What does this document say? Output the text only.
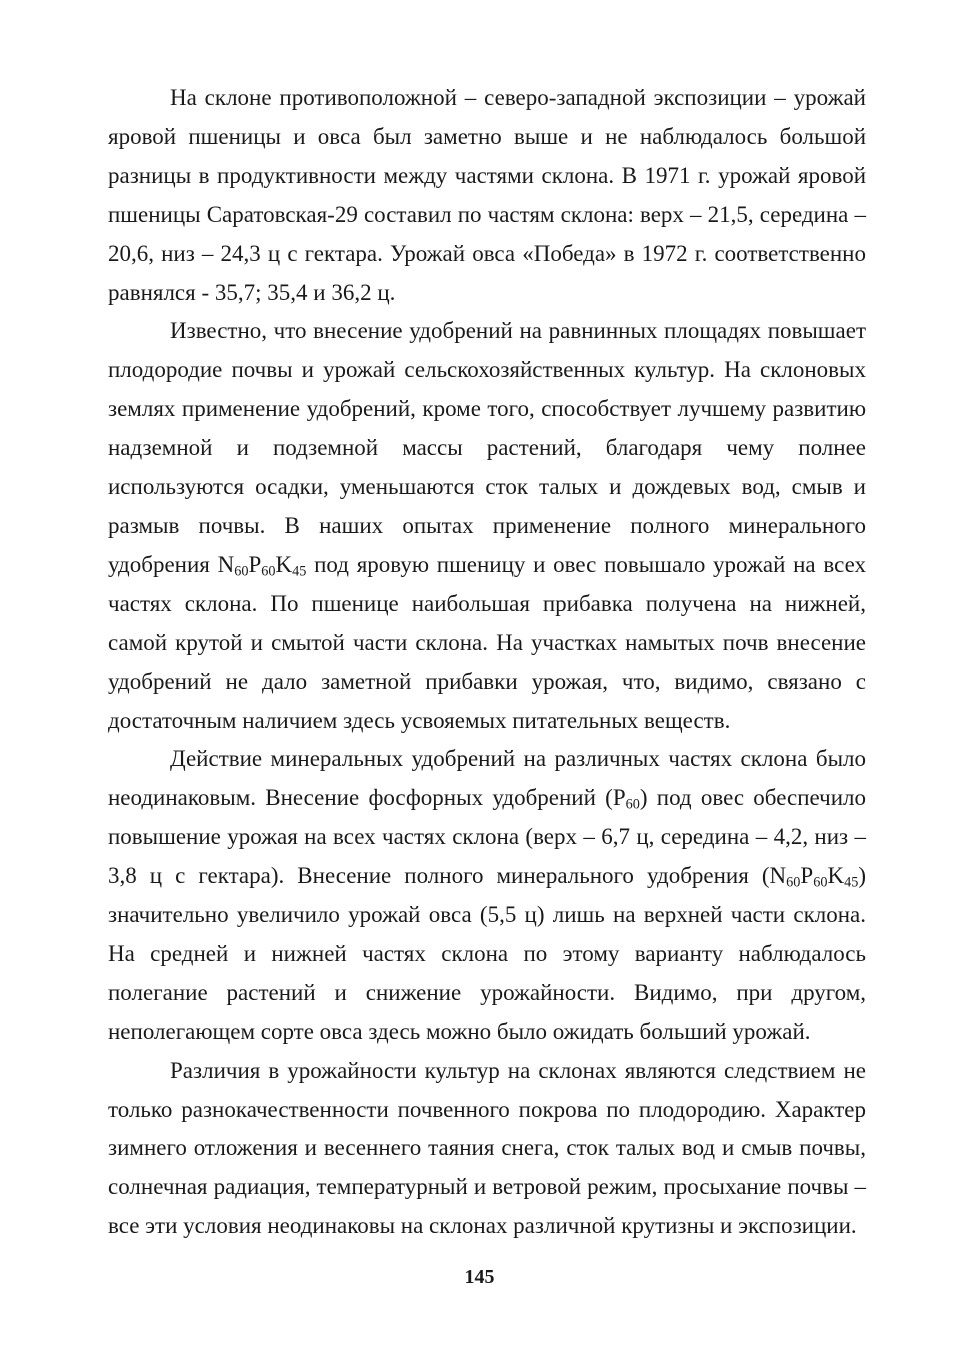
На склоне противоположной – северо-западной экспозиции – урожай яровой пшеницы и овса был заметно выше и не наблюдалось большой разницы в продуктивности между частями склона. В 1971 г. урожай яровой пшеницы Саратовская-29 составил по частям склона: верх – 21,5, середина – 20,6, низ – 24,3 ц с гектара. Урожай овса «Победа» в 1972 г. соответственно равнялся - 35,7; 35,4 и 36,2 ц.

Известно, что внесение удобрений на равнинных площадях повышает плодородие почвы и урожай сельскохозяйственных культур. На склоновых землях применение удобрений, кроме того, способствует лучшему развитию надземной и подземной массы растений, благодаря чему полнее используются осадки, уменьшаются сток талых и дождевых вод, смыв и размыв почвы. В наших опытах применение полного минерального удобрения $N_{60}P_{60}K_{45}$ под яровую пшеницу и овес повышало урожай на всех частях склона. По пшенице наибольшая прибавка получена на нижней, самой крутой и смытой части склона. На участках намытых почв внесение удобрений не дало заметной прибавки урожая, что, видимо, связано с достаточным наличием здесь усвояемых питательных веществ.

Действие минеральных удобрений на различных частях склона было неодинаковым. Внесение фосфорных удобрений $(P_{60})$ под овес обеспечило повышение урожая на всех частях склона (верх – 6,7 ц, середина – 4,2, низ – 3,8 ц с гектара). Внесение полного минерального удобрения $(N_{60}P_{60}K_{45})$ значительно увеличило урожай овса (5,5 ц) лишь на верхней части склона. На средней и нижней частях склона по этому варианту наблюдалось полегание растений и снижение урожайности. Видимо, при другом, неполегающем сорте овса здесь можно было ожидать больший урожай.

Различия в урожайности культур на склонах являются следствием не только разнокачественности почвенного покрова по плодородию. Характер зимнего отложения и весеннего таяния снега, сток талых вод и смыв почвы, солнечная радиация, температурный и ветровой режим, просыхание почвы – все эти условия неодинаковы на склонах различной крутизны и экспозиции.

145
